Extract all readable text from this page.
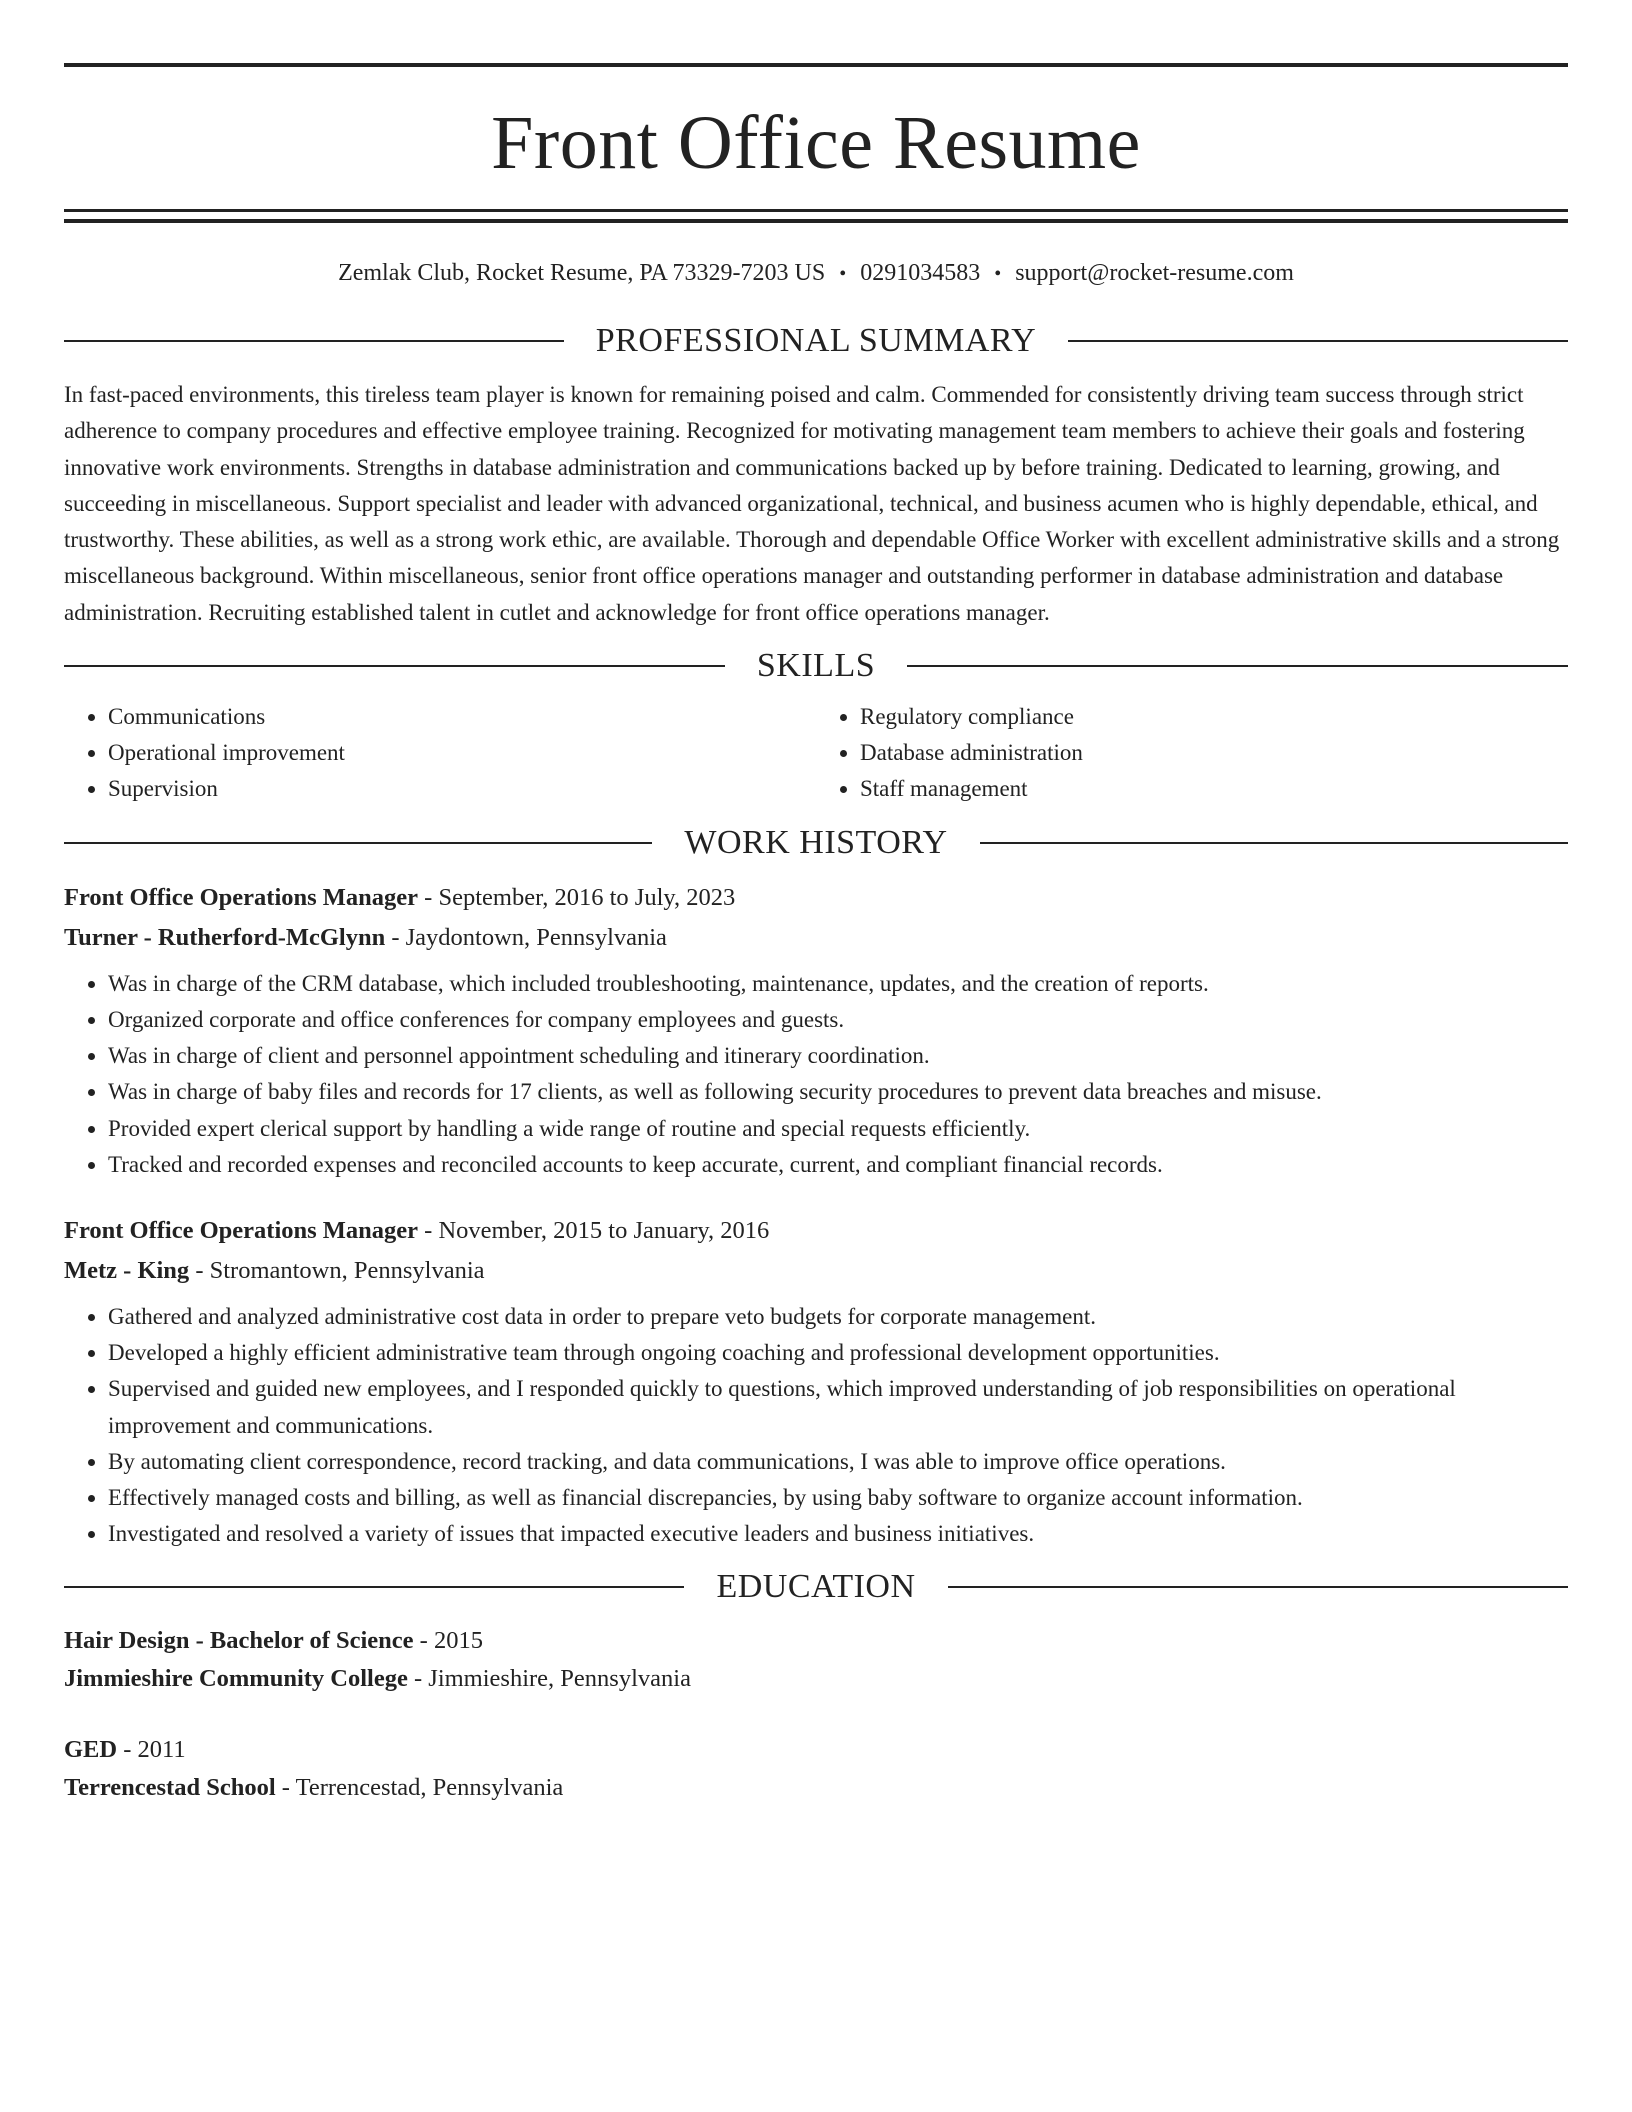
Front Office Resume
Zemlak Club, Rocket Resume, PA 73329-7203 US • 0291034583 • support@rocket-resume.com
PROFESSIONAL SUMMARY

In fast-paced environments, this tireless team player is known for remaining poised and calm. Commended for consistently driving team success through strict adherence to company procedures and effective employee training. Recognized for motivating management team members to achieve their goals and fostering innovative work environments. Strengths in database administration and communications backed up by before training. Dedicated to learning, growing, and succeeding in miscellaneous. Support specialist and leader with advanced organizational, technical, and business acumen who is highly dependable, ethical, and trustworthy. These abilities, as well as a strong work ethic, are available. Thorough and dependable Office Worker with excellent administrative skills and a strong miscellaneous background. Within miscellaneous, senior front office operations manager and outstanding performer in database administration and database administration. Recruiting established talent in cutlet and acknowledge for front office operations manager.

SKILLS
• Communications
• Operational improvement
• Supervision
• Regulatory compliance
• Database administration
• Staff management
WORK HISTORY
Front Office Operations Manager - September, 2016 to July, 2023
Turner - Rutherford-McGlynn - Jaydontown, Pennsylvania
• Was in charge of the CRM database, which included troubleshooting, maintenance, updates, and the creation of reports.
• Organized corporate and office conferences for company employees and guests.
• Was in charge of client and personnel appointment scheduling and itinerary coordination.
• Was in charge of baby files and records for 17 clients, as well as following security procedures to prevent data breaches and misuse.
• Provided expert clerical support by handling a wide range of routine and special requests efficiently.
• Tracked and recorded expenses and reconciled accounts to keep accurate, current, and compliant financial records.
Front Office Operations Manager - November, 2015 to January, 2016
Metz - King - Stromantown, Pennsylvania
• Gathered and analyzed administrative cost data in order to prepare veto budgets for corporate management.
• Developed a highly efficient administrative team through ongoing coaching and professional development opportunities.
• Supervised and guided new employees, and I responded quickly to questions, which improved understanding of job responsibilities on operational improvement and communications.
• By automating client correspondence, record tracking, and data communications, I was able to improve office operations.
• Effectively managed costs and billing, as well as financial discrepancies, by using baby software to organize account information.
• Investigated and resolved a variety of issues that impacted executive leaders and business initiatives.
EDUCATION
Hair Design - Bachelor of Science - 2015
Jimmieshire Community College - Jimmieshire, Pennsylvania
GED - 2011
Terrencestad School - Terrencestad, Pennsylvania
